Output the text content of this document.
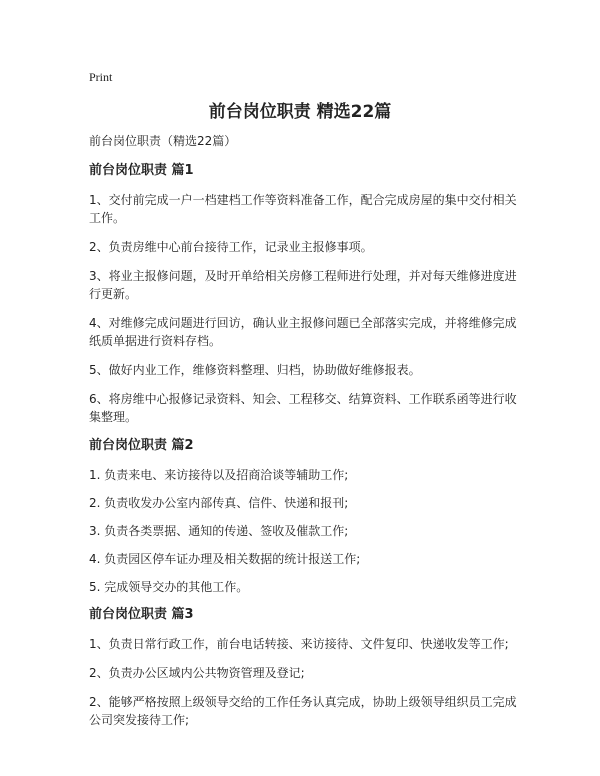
Print
前台岗位职责 精选22篇
前台岗位职责（精选22篇）
前台岗位职责 篇1
1、交付前完成一户一档建档工作等资料准备工作，配合完成房屋的集中交付相关工作。
2、负责房维中心前台接待工作，记录业主报修事项。
3、将业主报修问题，及时开单给相关房修工程师进行处理，并对每天维修进度进行更新。
4、对维修完成问题进行回访，确认业主报修问题已全部落实完成，并将维修完成纸质单据进行资料存档。
5、做好内业工作，维修资料整理、归档，协助做好维修报表。
6、将房维中心报修记录资料、知会、工程移交、结算资料、工作联系函等进行收集整理。
前台岗位职责 篇2
1. 负责来电、来访接待以及招商洽谈等辅助工作;
2. 负责收发办公室内部传真、信件、快递和报刊;
3. 负责各类票据、通知的传递、签收及催款工作;
4. 负责园区停车证办理及相关数据的统计报送工作;
5. 完成领导交办的其他工作。
前台岗位职责 篇3
1、负责日常行政工作，前台电话转接、来访接待、文件复印、快递收发等工作;
2、负责办公区域内公共物资管理及登记;
2、能够严格按照上级领导交给的工作任务认真完成，协助上级领导组织员工完成公司突发接待工作;
